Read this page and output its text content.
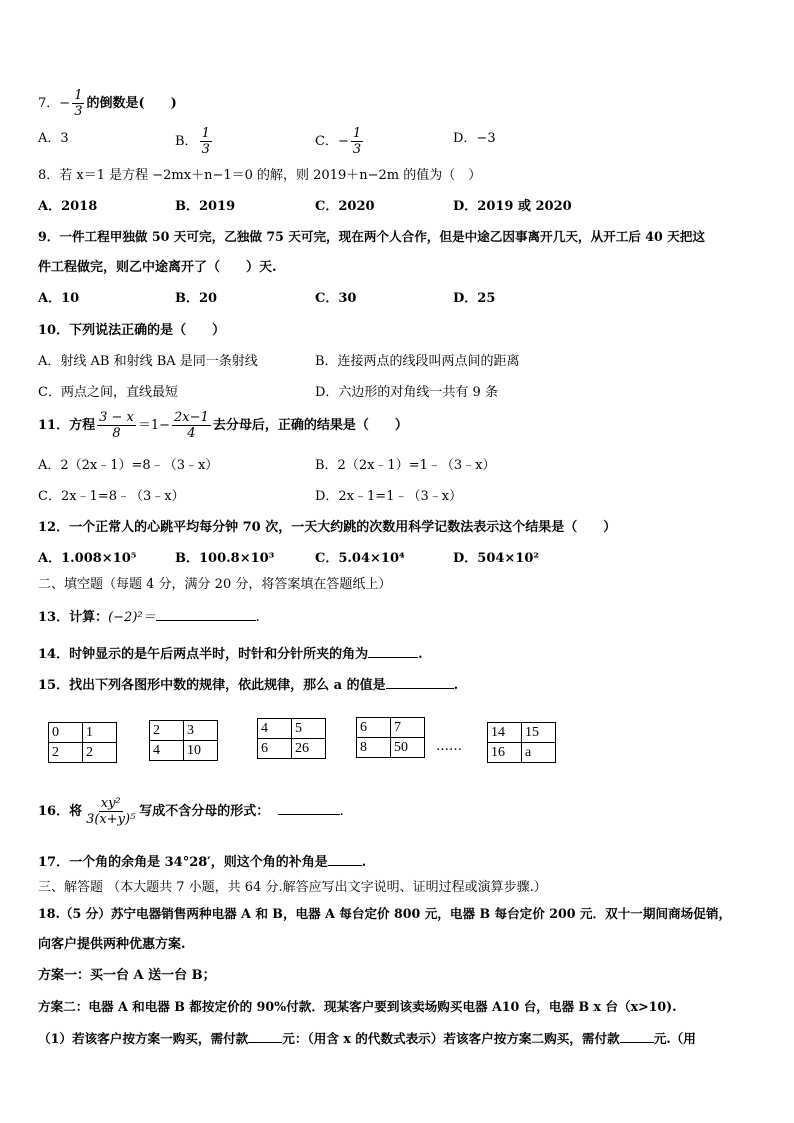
7．− $\frac{1}{3}$ 的倒数是(　　)
A．3	B． $\frac{1}{3}$	C．− $\frac{1}{3}$	D．−3
8．若 x＝1 是方程 −2mx＋n−1＝0 的解，则 2019＋n−2m 的值为（　）
A．2018	B．2019	C．2020	D．2019 或 2020
9．一件工程甲独做 50 天可完，乙独做 75 天可完，现在两个人合作，但是中途乙因事离开几天，从开工后 40 天把这
件工程做完，则乙中途离开了（　　）天.
A．10	B．20	C．30	D．25
10．下列说法正确的是（　　）
A．射线 AB 和射线 BA 是同一条射线	B．连接两点的线段叫两点间的距离
C．两点之间，直线最短	D．六边形的对角线一共有 9 条
11．方程 $\frac{3 - x}{8} =1- \frac{2x-1}{4}$ 去分母后，正确的结果是（　　）
A．2（2x﹣1）=8﹣（3﹣x）	B．2（2x﹣1）=1﹣（3﹣x）
C．2x﹣1=8﹣（3﹣x）	D．2x﹣1=1﹣（3﹣x）
12．一个正常人的心跳平均每分钟 70 次，一天大约跳的次数用科学记数法表示这个结果是（　　）
A．1.008×10⁵	B．100.8×10³	C．5.04×10⁴	D．504×10²
二、填空题（每题 4 分，满分 20 分，将答案填在答题纸上）
13．计算：(−2)²＝	.
14．时钟显示的是午后两点半时，时针和分针所夹的角为	.
15．找出下列各图形中数的规律，依此规律，那么 a 的值是	.
0	1
2	2
2	3
4	10
4	5
6	26
6	7
8	50 ……
14	15
16	a
16．将 $\frac{\text{xy²}}{\text{3(x+y)⁵}}$ 写成不含分母的形式：	.
17．一个角的余角是 34°28′，则这个角的补角是	.
三、解答题 （本大题共 7 小题，共 64 分.解答应写出文字说明、证明过程或演算步骤.）
18.（5 分）苏宁电器销售两种电器 A 和 B，电器 A 每台定价 800 元，电器 B 每台定价 200 元．双十一期间商场促销，
向客户提供两种优惠方案.
方案一：买一台 A 送一台 B；
方案二：电器 A 和电器 B 都按定价的 90%付款．现某客户要到该卖场购买电器 A10 台，电器 B x 台（x>10).
（1）若该客户按方案一购买，需付款	元：（用含 x 的代数式表示）若该客户按方案二购买，需付款	元.（用
